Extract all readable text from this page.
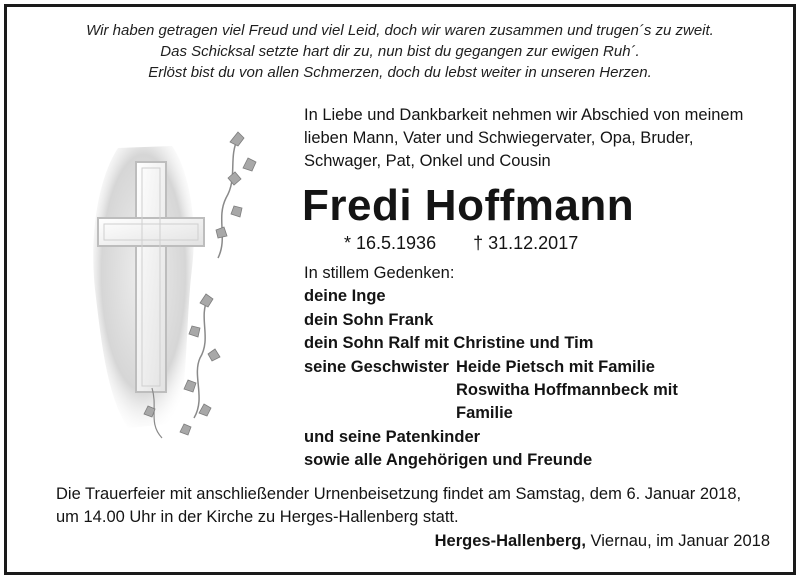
Wir haben getragen viel Freud und viel Leid, doch wir waren zusammen und trugen´s zu zweit.
Das Schicksal setzte hart dir zu, nun bist du gegangen zur ewigen Ruh´.
Erlöst bist du von allen Schmerzen, doch du lebst weiter in unseren Herzen.
In Liebe und Dankbarkeit nehmen wir Abschied von meinem
lieben Mann, Vater und Schwiegervater, Opa, Bruder,
Schwager, Pat, Onkel und Cousin
Fredi Hoffmann
* 16.5.1936 † 31.12.2017
In stillem Gedenken:
deine Inge
dein Sohn Frank
dein Sohn Ralf mit Christine und Tim
seine Geschwister Heide Pietsch mit Familie
Roswitha Hoffmannbeck mit
Familie
und seine Patenkinder
sowie alle Angehörigen und Freunde
Die Trauerfeier mit anschließender Urnenbeisetzung findet am Samstag, dem 6. Januar 2018,
um 14.00 Uhr in der Kirche zu Herges-Hallenberg statt.
Herges-Hallenberg, Viernau, im Januar 2018
